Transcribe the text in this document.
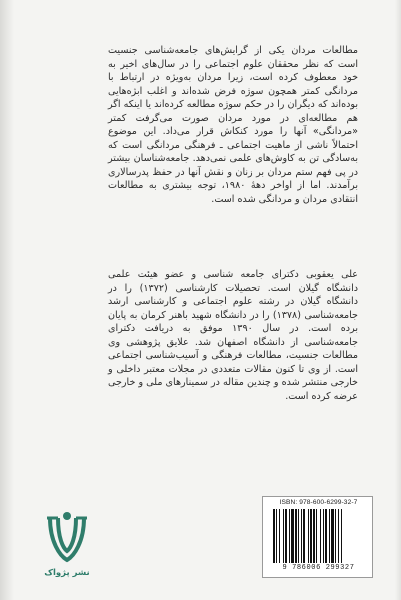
مطالعات مردان یکی از گرایش‌های جامعه‌شناسی جنسیت است که نظر محققان علوم اجتماعی را در سال‌های اخیر به خود معطوف کرده است، زیرا مردان به‌ویژه در ارتباط با مردانگی کمتر همچون سوژه فرض شده‌اند و اغلب ابژه‌هایی بوده‌اند که دیگران را در حکم سوژه مطالعه کرده‌اند یا اینکه اگر هم مطالعه‌ای در مورد مردان صورت می‌گرفت کمتر «مردانگی» آنها را مورد کنکاش قرار می‌داد. این موضوع احتمالاً ناشی از ماهیت اجتماعی ـ فرهنگی مردانگی است که به‌سادگی تن به کاوش‌های علمی نمی‌دهد. جامعه‌شناسان بیشتر در پی فهم ستم مردان بر زنان و نقش آنها در حفظ پدرسالاری برآمدند. اما از اواخر دههٔ ۱۹۸۰، توجه بیشتری به مطالعات انتقادی مردان و مردانگی شده است.

علی یعقوبی دکترای جامعه شناسی و عضو هیئت علمی دانشگاه گیلان است. تحصیلات کارشناسی (۱۳۷۲) را در دانشگاه گیلان در رشته علوم اجتماعی و کارشناسی ارشد جامعه‌شناسی (۱۳۷۸) را در دانشگاه شهید باهنر کرمان به پایان برده است. در سال ۱۳۹۰ موفق به دریافت دکترای جامعه‌شناسی از دانشگاه اصفهان شد. علایق پژوهشی وی مطالعات جنسیت، مطالعات فرهنگی و آسیب‌شناسی اجتماعی است. از وی تا کنون مقالات متعددی در مجلات معتبر داخلی و خارجی منتشر شده و چندین مقاله در سمینارهای ملی و خارجی عرضه کرده است.

نشر پژواک
ISBN: 978-600-6299-32-7
9 786006 299327
